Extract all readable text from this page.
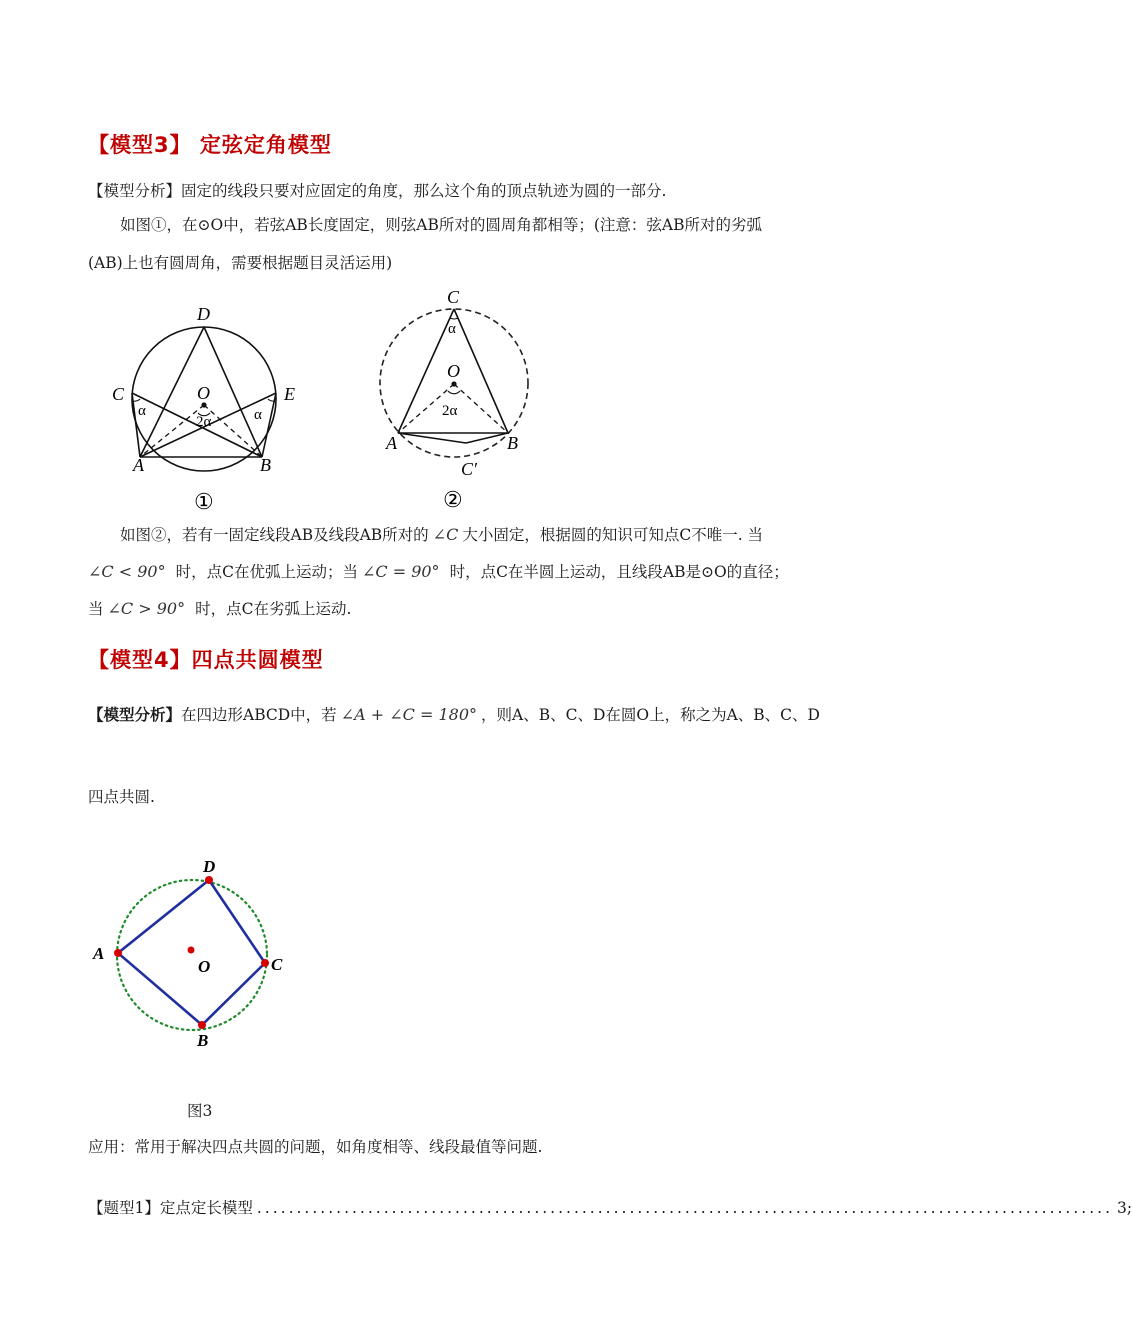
【模型3】 定弦定角模型
【模型分析】固定的线段只要对应固定的角度，那么这个角的顶点轨迹为圆的一部分.
如图①，在⊙O中，若弦AB长度固定，则弦AB所对的圆周角都相等；(注意：弦AB所对的劣弧
(AB)上也有圆周角，需要根据题目灵活运用)
D
O
C	E
A	B
α	α
2α
①
C
α
O
2α
A	B
C′
②
如图②，若有一固定线段AB及线段AB所对的 ∠C 大小固定，根据圆的知识可知点C不唯一. 当
∠C < 90° 时，点C在优弧上运动；当 ∠C = 90° 时，点C在半圆上运动，且线段AB是⊙O的直径；
当 ∠C > 90° 时，点C在劣弧上运动.
【模型4】四点共圆模型
【模型分析】在四边形ABCD中，若 ∠A + ∠C = 180° ，则A、B、C、D在圆O上，称之为A、B、C、D
四点共圆.
D
A
O	C
B
图3
应用：常用于解决四点共圆的问题，如角度相等、线段最值等问题.
【题型1】定点定长模型 ............................................................................................................ 3;
